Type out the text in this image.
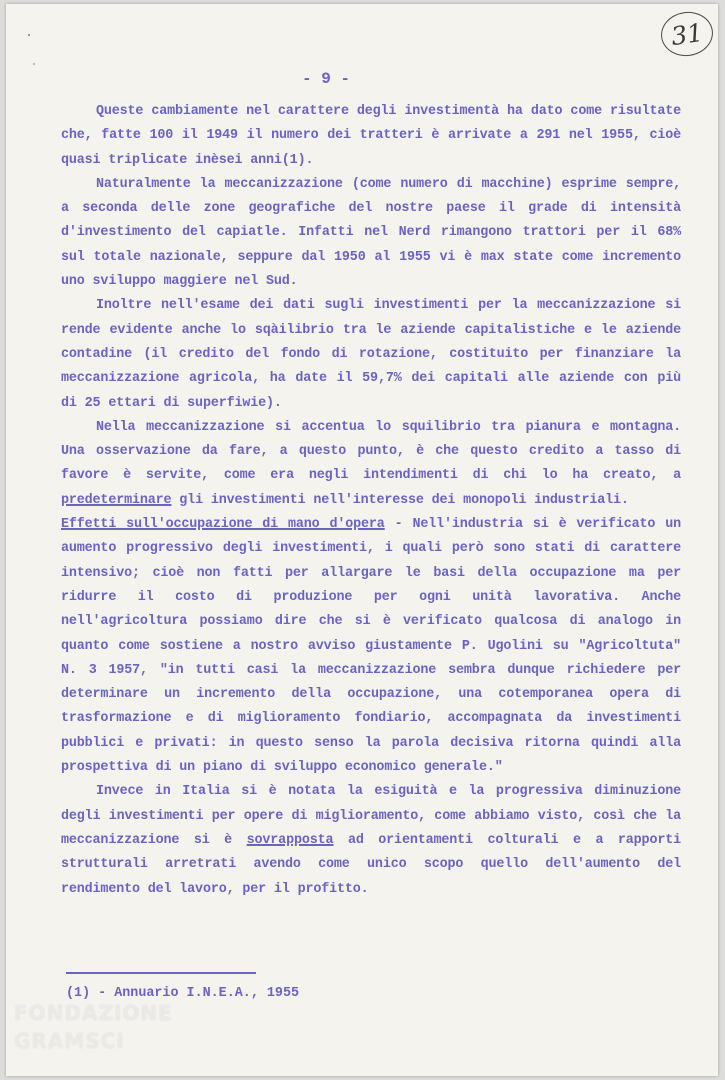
31
- 9 -

Queste cambiamente nel carattere degli investimentà ha dato come risultate che, fatte 100 il 1949 il numero dei tratteri è arrivate a 291 nel 1955, cioè quasi triplicate inèsei anni(1).

Naturalmente la meccanizzazione (come numero di macchine) esprime sempre, a seconda delle zone geografiche del nostre paese il grade di intensità d'investimento del capiatle. Infatti nel Nerd rimangono trattori per il 68% sul totale nazionale, seppure dal 1950 al 1955 vi è max state come incremento uno sviluppo maggiere nel Sud.

Inoltre nell'esame dei dati sugli investimenti per la meccanizzazione si rende evidente anche lo sqàilibrio tra le aziende capitalistiche e le aziende contadine (il credito del fondo di rotazione, costituito per finanziare la meccanizzazione agricola, ha date il 59,7% dei capitali alle aziende con più di 25 ettari di superfiwie).

Nella meccanizzazione si accentua lo squilibrio tra pianura e montagna. Una osservazione da fare, a questo punto, è che questo credito a tasso di favore è servite, come era negli intendimenti di chi lo ha creato, a predeterminare gli investimenti nell'interesse dei monopoli industriali.

Effetti sull'occupazione di mano d'opera - Nell'industria si è verificato un aumento progressivo degli investimenti, i quali però sono stati di carattere intensivo; cioè non fatti per allargare le basi della occupazione ma per ridurre il costo di produzione per ogni unità lavorativa. Anche nell'agricoltura possiamo dire che si è verificato qualcosa di analogo in quanto come sostiene a nostro avviso giustamente P. Ugolini su "Agricoltuta" N. 3 1957, "in tutti casi la meccanizzazione sembra dunque richiedere per determinare un incremento della occupazione, una cotemporanea opera di trasformazione e di miglioramento fondiario, accompagnata da investimenti pubblici e privati: in questo senso la parola decisiva ritorna quindi alla prospettiva di un piano di sviluppo economico generale."

Invece in Italia si è notata la esiguità e la progressiva diminuzione degli investimenti per opere di miglioramento, come abbiamo visto, così che la meccanizzazione si è sovrapposta ad orientamenti colturali e a rapporti strutturali arretrati avendo come unico scopo quello dell'aumento del rendimento del lavoro, per il profitto.

(1) - Annuario I.N.E.A., 1955
FONDAZIONE
GRAMSCI
